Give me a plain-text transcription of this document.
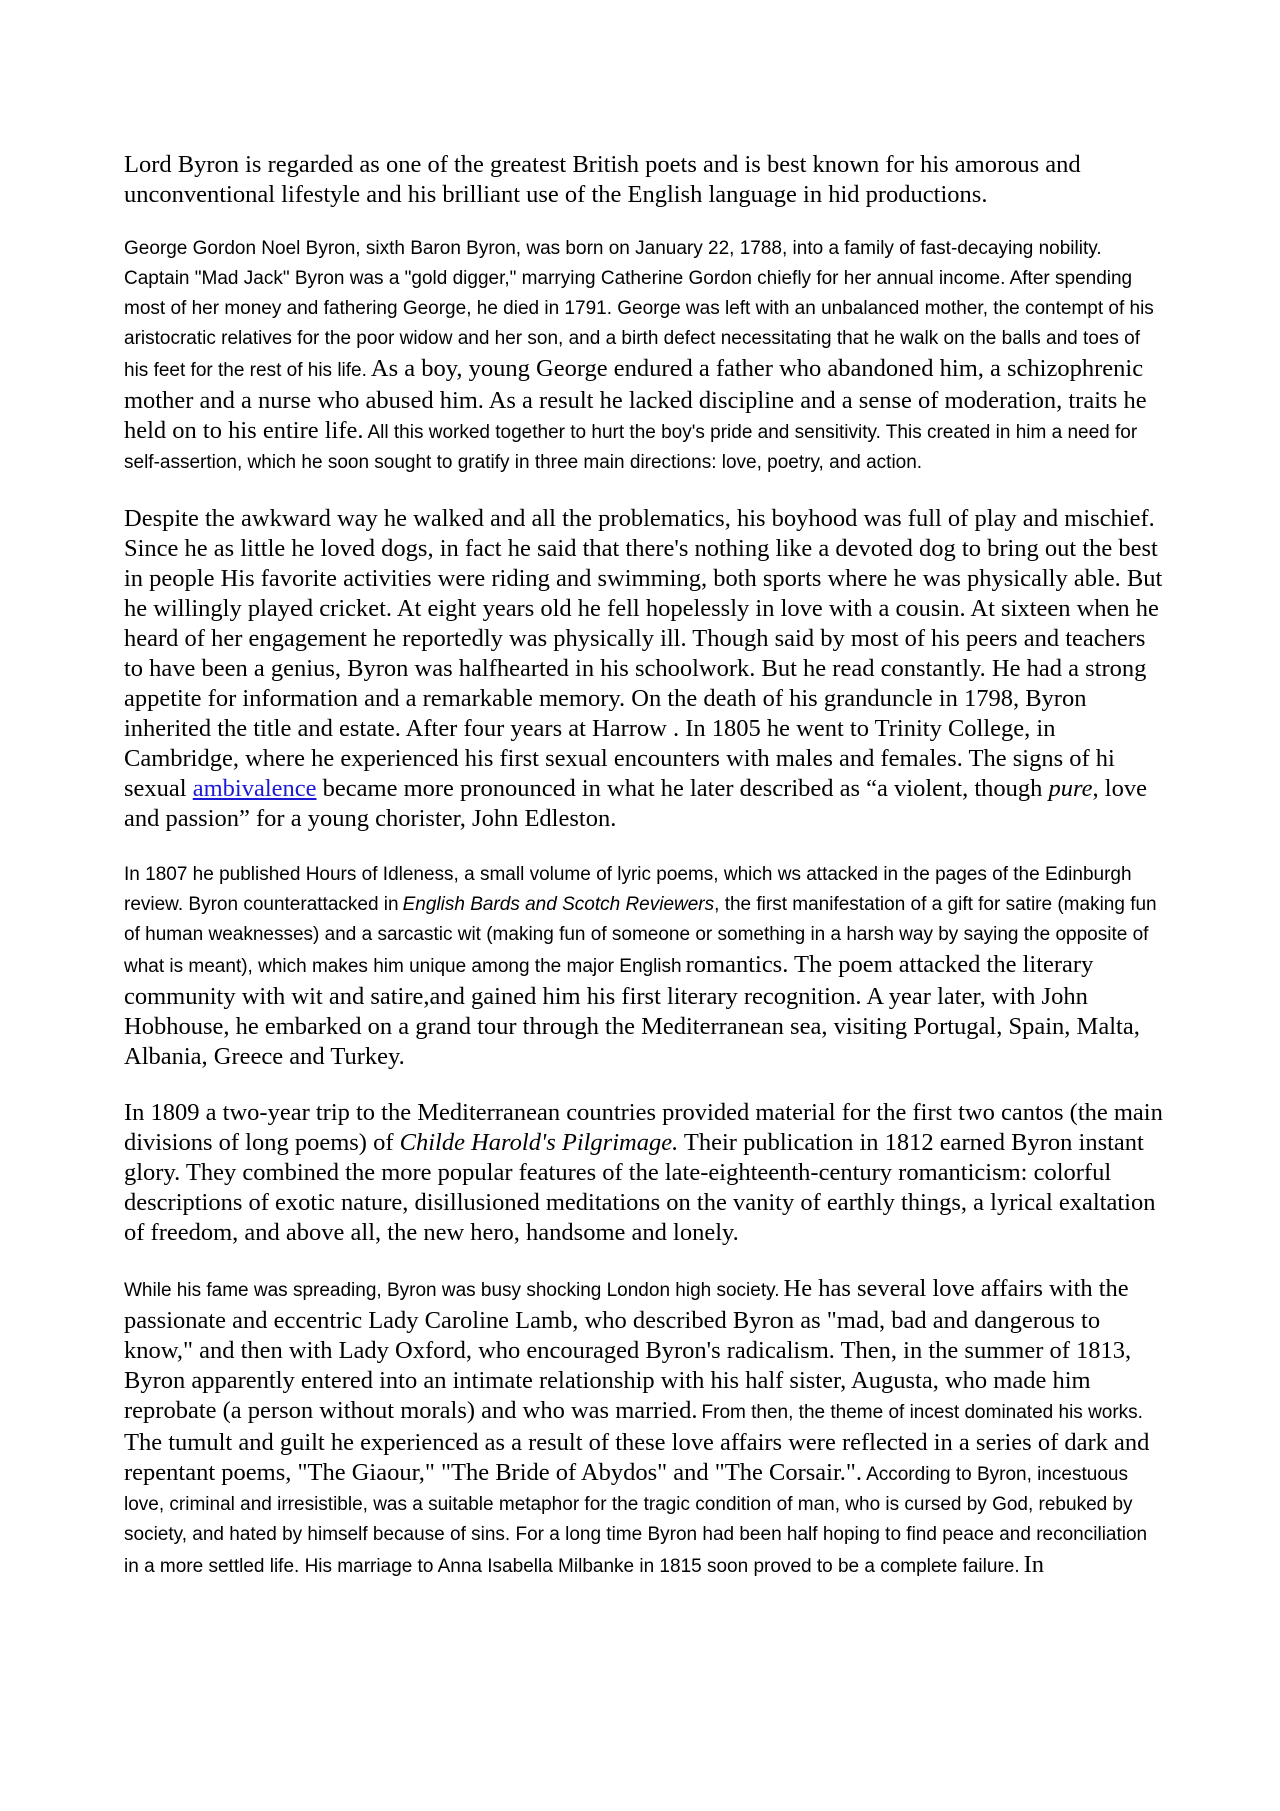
Lord Byron is regarded as one of the greatest British poets and is best known for his amorous and unconventional lifestyle and his brilliant use of the English language in hid productions.

George Gordon Noel Byron, sixth Baron Byron, was born on January 22, 1788, into a family of fast-decaying nobility. Captain "Mad Jack" Byron was a "gold digger," marrying Catherine Gordon chiefly for her annual income. After spending most of her money and fathering George, he died in 1791. George was left with an unbalanced mother, the contempt of his aristocratic relatives for the poor widow and her son, and a birth defect necessitating that he walk on the balls and toes of his feet for the rest of his life. As a boy, young George endured a father who abandoned him, a schizophrenic mother and a nurse who abused him. As a result he lacked discipline and a sense of moderation, traits he held on to his entire life. All this worked together to hurt the boy's pride and sensitivity. This created in him a need for self-assertion, which he soon sought to gratify in three main directions: love, poetry, and action.

Despite the awkward way he walked and all the problematics, his boyhood was full of play and mischief. Since he as little he loved dogs, in fact he said that there's nothing like a devoted dog to bring out the best in people His favorite activities were riding and swimming, both sports where he was physically able. But he willingly played cricket. At eight years old he fell hopelessly in love with a cousin. At sixteen when he heard of her engagement he reportedly was physically ill. Though said by most of his peers and teachers to have been a genius, Byron was halfhearted in his schoolwork. But he read constantly. He had a strong appetite for information and a remarkable memory. On the death of his granduncle in 1798, Byron inherited the title and estate. After four years at Harrow . In 1805 he went to Trinity College, in Cambridge, where he experienced his first sexual encounters with males and females. The signs of hi sexual ambivalence became more pronounced in what he later described as “a violent, though pure, love and passion” for a young chorister, John Edleston.

In 1807 he published Hours of Idleness, a small volume of lyric poems, which ws attacked in the pages of the Edinburgh review. Byron counterattacked in English Bards and Scotch Reviewers, the first manifestation of a gift for satire (making fun of human weaknesses) and a sarcastic wit (making fun of someone or something in a harsh way by saying the opposite of what is meant), which makes him unique among the major English romantics. The poem attacked the literary community with wit and satire,and gained him his first literary recognition. A year later, with John Hobhouse, he embarked on a grand tour through the Mediterranean sea, visiting Portugal, Spain, Malta, Albania, Greece and Turkey.

In 1809 a two-year trip to the Mediterranean countries provided material for the first two cantos (the main divisions of long poems) of Childe Harold's Pilgrimage. Their publication in 1812 earned Byron instant glory. They combined the more popular features of the late-eighteenth-century romanticism: colorful descriptions of exotic nature, disillusioned meditations on the vanity of earthly things, a lyrical exaltation of freedom, and above all, the new hero, handsome and lonely.

While his fame was spreading, Byron was busy shocking London high society. He has several love affairs with the passionate and eccentric Lady Caroline Lamb, who described Byron as "mad, bad and dangerous to know," and then with Lady Oxford, who encouraged Byron's radicalism. Then, in the summer of 1813, Byron apparently entered into an intimate relationship with his half sister, Augusta, who made him reprobate (a person without morals) and who was married. From then, the theme of incest dominated his works. The tumult and guilt he experienced as a result of these love affairs were reflected in a series of dark and repentant poems, "The Giaour," "The Bride of Abydos" and "The Corsair.". According to Byron, incestuous love, criminal and irresistible, was a suitable metaphor for the tragic condition of man, who is cursed by God, rebuked by society, and hated by himself because of sins. For a long time Byron had been half hoping to find peace and reconciliation in a more settled life. His marriage to Anna Isabella Milbanke in 1815 soon proved to be a complete failure. In
